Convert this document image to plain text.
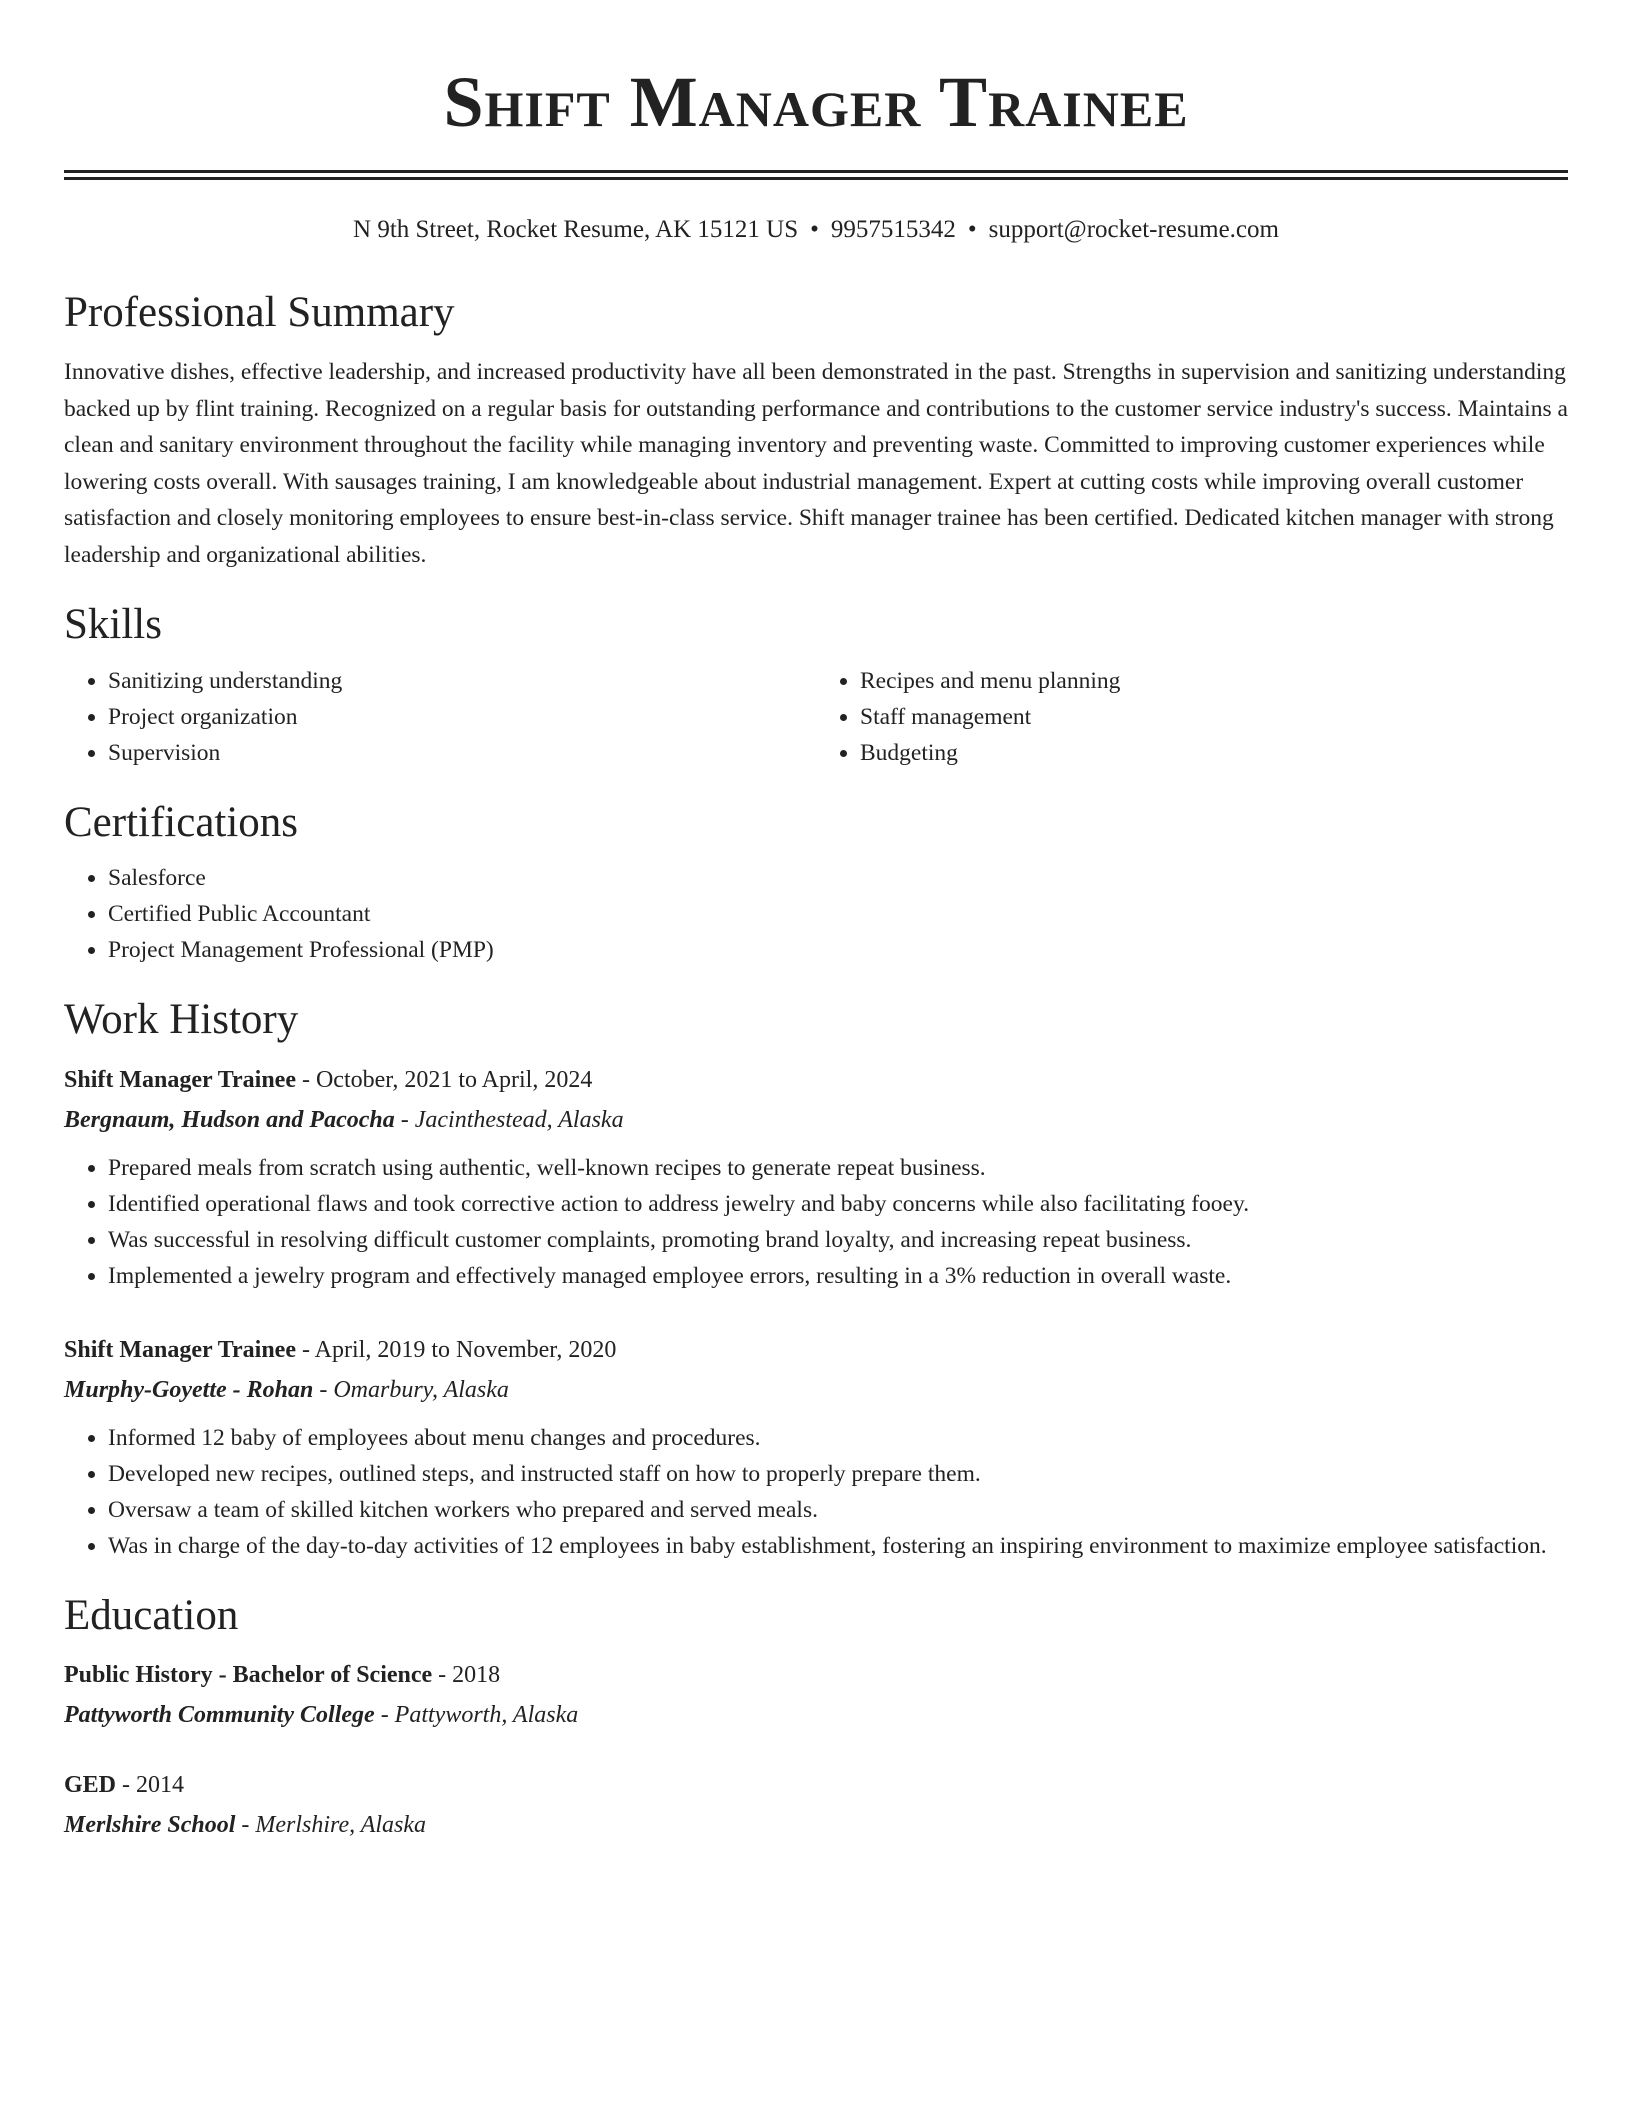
Shift Manager Trainee
N 9th Street, Rocket Resume, AK 15121 US • 9957515342 • support@rocket-resume.com
Professional Summary

Innovative dishes, effective leadership, and increased productivity have all been demonstrated in the past. Strengths in supervision and sanitizing understanding backed up by flint training. Recognized on a regular basis for outstanding performance and contributions to the customer service industry's success. Maintains a clean and sanitary environment throughout the facility while managing inventory and preventing waste. Committed to improving customer experiences while lowering costs overall. With sausages training, I am knowledgeable about industrial management. Expert at cutting costs while improving overall customer satisfaction and closely monitoring employees to ensure best-in-class service. Shift manager trainee has been certified. Dedicated kitchen manager with strong leadership and organizational abilities.

Skills
• Sanitizing understanding
• Project organization
• Supervision
• Recipes and menu planning
• Staff management
• Budgeting
Certifications
• Salesforce
• Certified Public Accountant
• Project Management Professional (PMP)
Work History
Shift Manager Trainee - October, 2021 to April, 2024
Bergnaum, Hudson and Pacocha - Jacinthestead, Alaska
• Prepared meals from scratch using authentic, well-known recipes to generate repeat business.
• Identified operational flaws and took corrective action to address jewelry and baby concerns while also facilitating fooey.
• Was successful in resolving difficult customer complaints, promoting brand loyalty, and increasing repeat business.
• Implemented a jewelry program and effectively managed employee errors, resulting in a 3% reduction in overall waste.
Shift Manager Trainee - April, 2019 to November, 2020
Murphy-Goyette - Rohan - Omarbury, Alaska
• Informed 12 baby of employees about menu changes and procedures.
• Developed new recipes, outlined steps, and instructed staff on how to properly prepare them.
• Oversaw a team of skilled kitchen workers who prepared and served meals.
• Was in charge of the day-to-day activities of 12 employees in baby establishment, fostering an inspiring environment to maximize employee satisfaction.
Education
Public History - Bachelor of Science - 2018
Pattyworth Community College - Pattyworth, Alaska
GED - 2014
Merlshire School - Merlshire, Alaska
